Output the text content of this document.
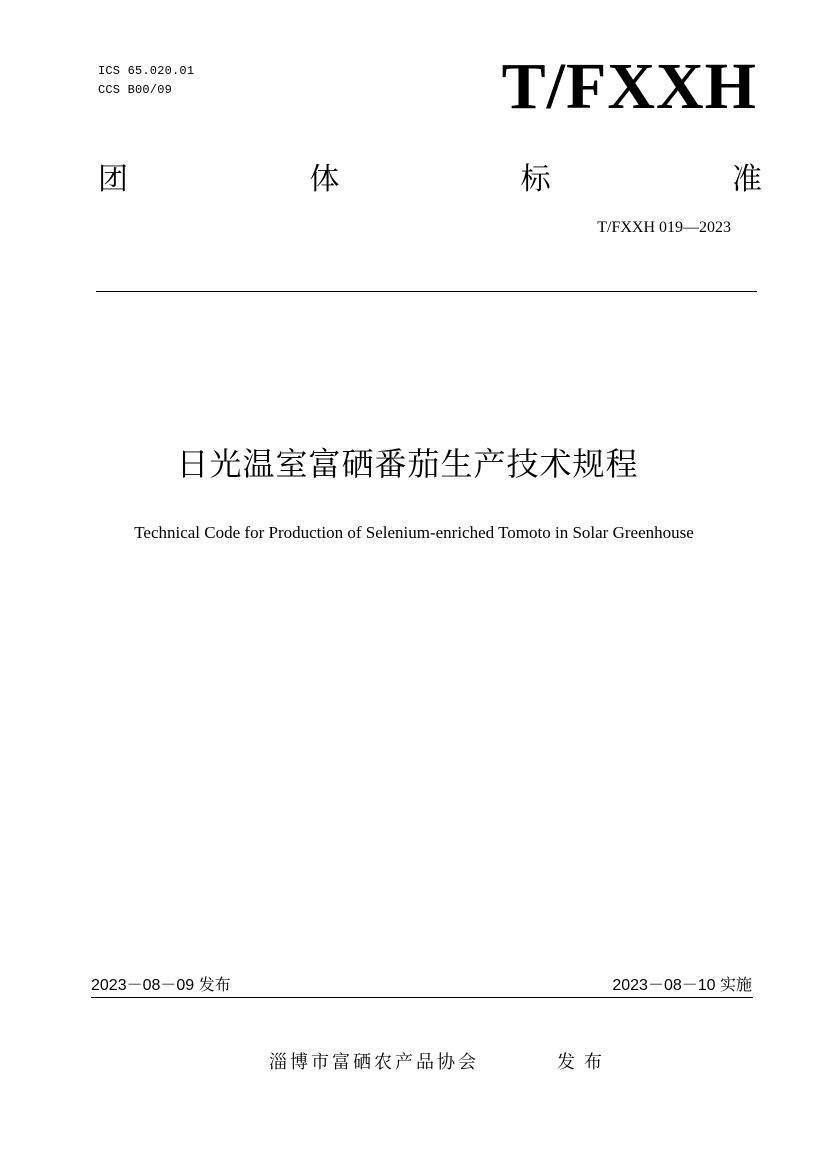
ICS 65.020.01
CCS B00/09	T/FXXH
团	体	标	准
T/FXXH 019—2023
日光温室富硒番茄生产技术规程
Technical Code for Production of Selenium-enriched Tomoto in Solar Greenhouse
2023－08－09 发布	2023－08－10 实施
淄博市富硒农产品协会	发布
